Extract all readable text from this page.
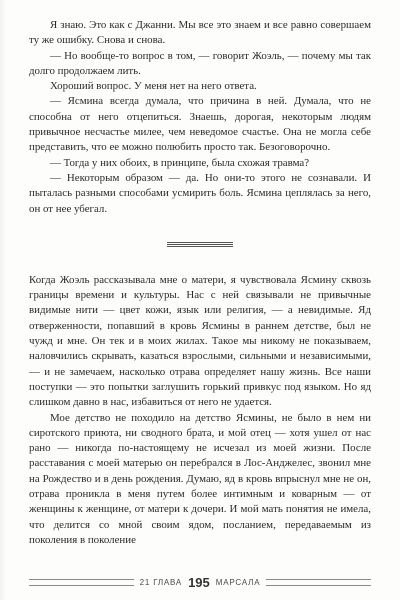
Я знаю. Это как с Джанни. Мы все это знаем и все равно совершаем ту же ошибку. Снова и снова.

— Но вообще-то вопрос в том, — говорит Жоэль, — почему мы так долго продолжаем лить.

Хороший вопрос. У меня нет на него ответа.

— Ясмина всегда думала, что причина в ней. Думала, что не способна от него отцепиться. Знаешь, дорогая, некоторым людям привычное несчастье милее, чем неведомое счастье. Она не могла себе представить, что ее можно полюбить просто так. Безоговорочно.

— Тогда у них обоих, в принципе, была схожая травма?

— Некоторым образом — да. Но они-то этого не сознавали. И пыталась разными способами усмирить боль. Ясмина цеплялась за него, он от нее убегал.

Когда Жоэль рассказывала мне о матери, я чувствовала Ясмину сквозь границы времени и культуры. Нас с ней связывали не привычные видимые нити — цвет кожи, язык или религия, — а невидимые. Яд отверженности, попавший в кровь Ясмины в раннем детстве, был не чужд и мне. Он тек и в моих жилах. Такое мы никому не показываем, наловчились скрывать, казаться взрослыми, сильными и независимыми, — и не замечаем, насколько отрава определяет нашу жизнь. Все наши поступки — это попытки заглушить горький привкус под языком. Но яд слишком давно в нас, избавиться от него не удается.

Мое детство не походило на детство Ясмины, не было в нем ни сиротского приюта, ни сводного брата, и мой отец — хотя ушел от нас рано — никогда по-настоящему не исчезал из моей жизни. После расставания с моей матерью он перебрался в Лос-Анджелес, звонил мне на Рождество и в день рождения. Думаю, яд в кровь впрыснул мне не он, отрава проникла в меня путем более интимным и коварным — от женщины к женщине, от матери к дочери. И мой мать понятия не имела, что делится со мной своим ядом, посланием, передаваемым из поколения в поколение

21 ГЛАВА 195 МАРСАЛА
